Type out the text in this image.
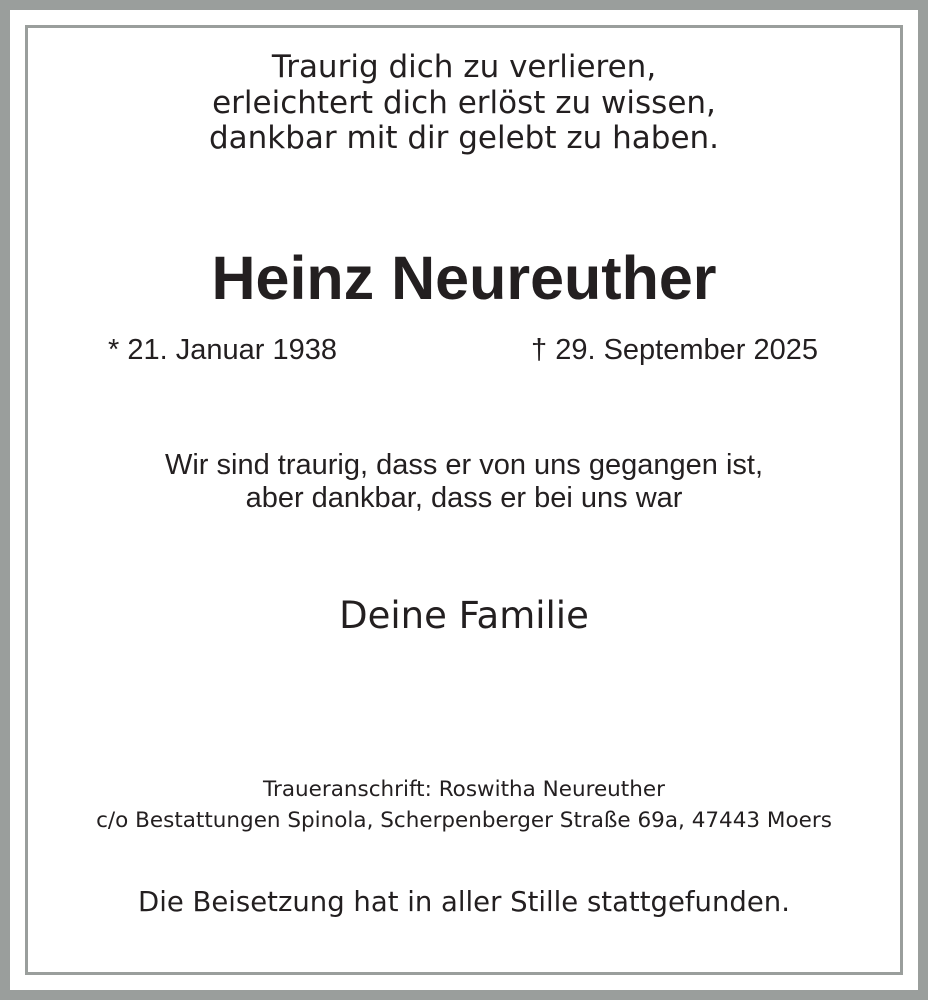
Traurig dich zu verlieren,
erleichtert dich erlöst zu wissen,
dankbar mit dir gelebt zu haben.
Heinz Neureuther
* 21. Januar 1938	† 29. September 2025
Wir sind traurig, dass er von uns gegangen ist,
aber dankbar, dass er bei uns war
Deine Familie
Traueranschrift: Roswitha Neureuther
c/o Bestattungen Spinola, Scherpenberger Straße 69a, 47443 Moers
Die Beisetzung hat in aller Stille stattgefunden.
